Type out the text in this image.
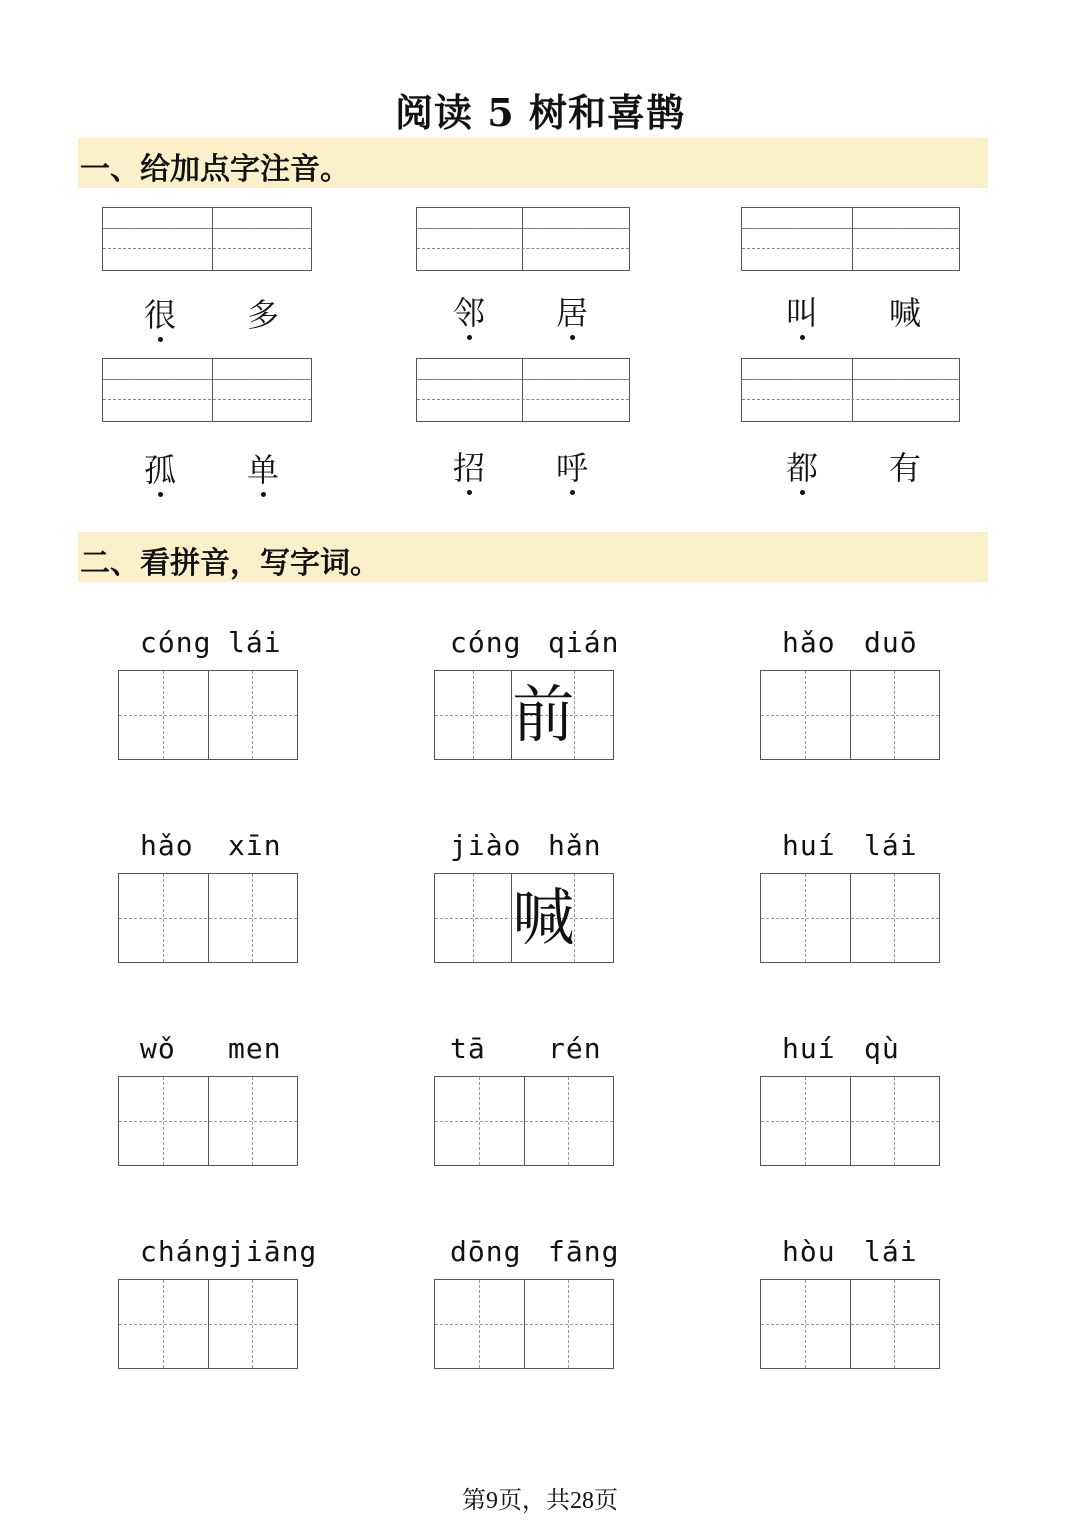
阅读 5 树和喜鹊
一、给加点字注音。
很 多	邻 居	叫 喊
孤 单	招 呼	都 有
二、看拼音，写字词。
cóng lái	cóng qián
前
hǎo duō
hǎo xīn	jiào hǎn
喊
huí lái
wǒ men	tā rén	huí qù
cháng
jiāng	dōng fāng	hòu lái
第9页，共28页
